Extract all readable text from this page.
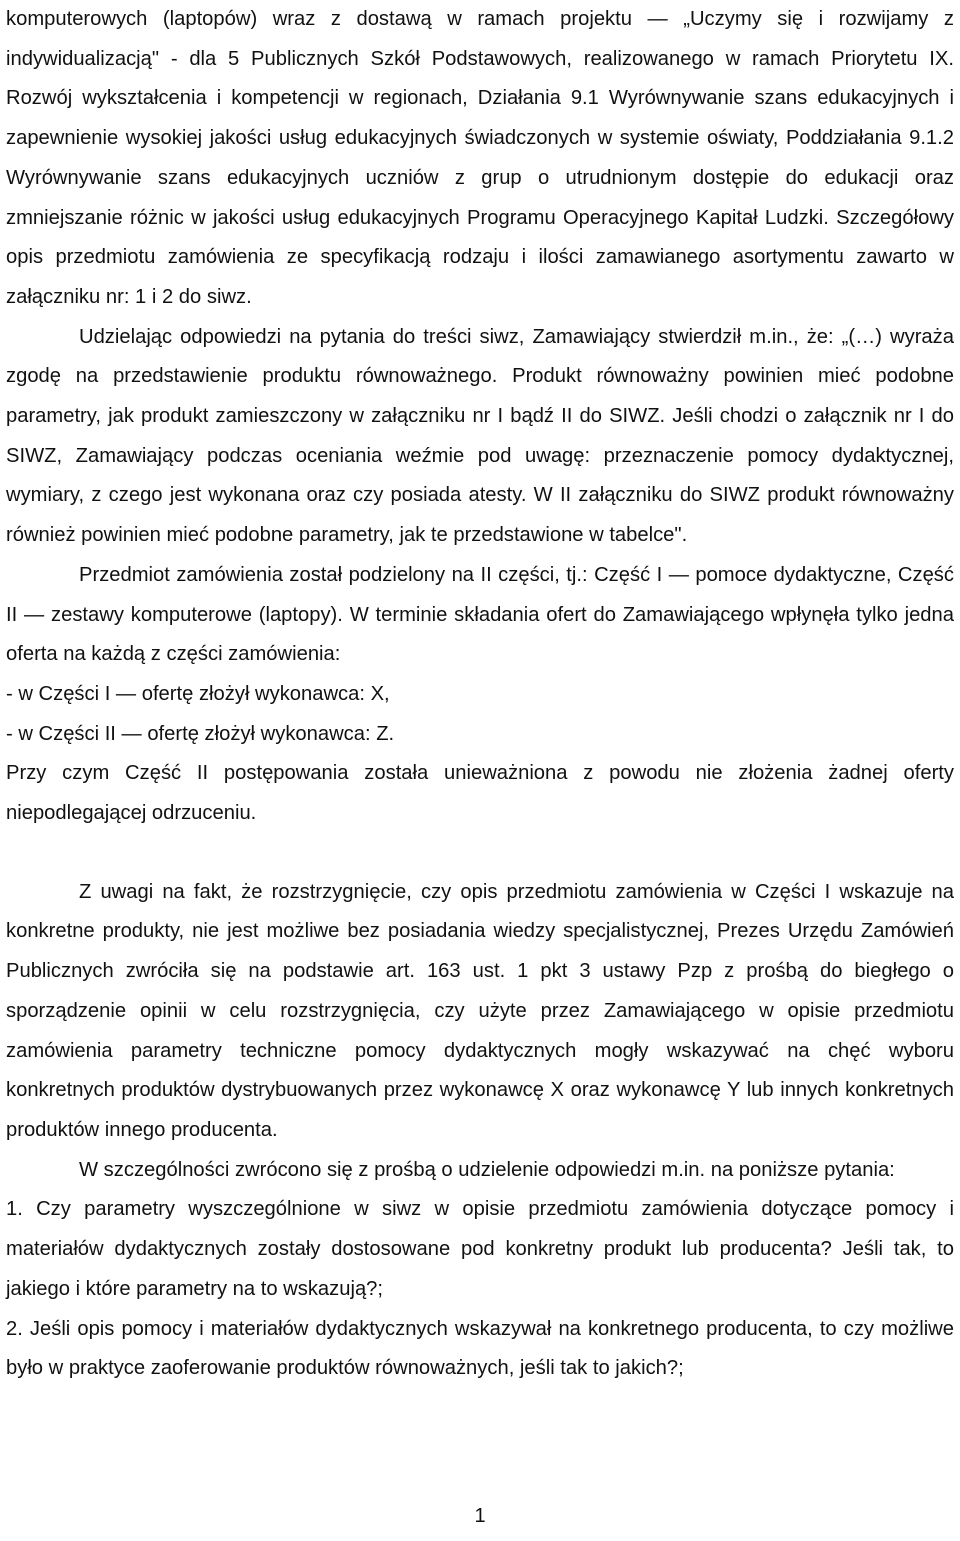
komputerowych (laptopów) wraz z dostawą w ramach projektu — „Uczymy się i rozwijamy z indywidualizacją" - dla 5 Publicznych Szkół Podstawowych, realizowanego w ramach Priorytetu IX. Rozwój wykształcenia i kompetencji w regionach, Działania 9.1 Wyrównywanie szans edukacyjnych i zapewnienie wysokiej jakości usług edukacyjnych świadczonych w systemie oświaty, Poddziałania 9.1.2 Wyrównywanie szans edukacyjnych uczniów z grup o utrudnionym dostępie do edukacji oraz zmniejszanie różnic w jakości usług edukacyjnych Programu Operacyjnego Kapitał Ludzki. Szczegółowy opis przedmiotu zamówienia ze specyfikacją rodzaju i ilości zamawianego asortymentu zawarto w załączniku nr: 1 i 2 do siwz.

Udzielając odpowiedzi na pytania do treści siwz, Zamawiający stwierdził m.in., że: „(…) wyraża zgodę na przedstawienie produktu równoważnego. Produkt równoważny powinien mieć podobne parametry, jak produkt zamieszczony w załączniku nr I bądź II do SIWZ. Jeśli chodzi o załącznik nr I do SIWZ, Zamawiający podczas oceniania weźmie pod uwagę: przeznaczenie pomocy dydaktycznej, wymiary, z czego jest wykonana oraz czy posiada atesty. W II załączniku do SIWZ produkt równoważny również powinien mieć podobne parametry, jak te przedstawione w tabelce".

Przedmiot zamówienia został podzielony na II części, tj.: Część I — pomoce dydaktyczne, Część II — zestawy komputerowe (laptopy). W terminie składania ofert do Zamawiającego wpłynęła tylko jedna oferta na każdą z części zamówienia:

- w Części I — ofertę złożył wykonawca: X,

- w Części II — ofertę złożył wykonawca: Z.

Przy czym Część II postępowania została unieważniona z powodu nie złożenia żadnej oferty niepodlegającej odrzuceniu.

Z uwagi na fakt, że rozstrzygnięcie, czy opis przedmiotu zamówienia w Części I wskazuje na konkretne produkty, nie jest możliwe bez posiadania wiedzy specjalistycznej, Prezes Urzędu Zamówień Publicznych zwróciła się na podstawie art. 163 ust. 1 pkt 3 ustawy Pzp z prośbą do biegłego o sporządzenie opinii w celu rozstrzygnięcia, czy użyte przez Zamawiającego w opisie przedmiotu zamówienia parametry techniczne pomocy dydaktycznych mogły wskazywać na chęć wyboru konkretnych produktów dystrybuowanych przez wykonawcę X oraz wykonawcę Y lub innych konkretnych produktów innego producenta.

W szczególności zwrócono się z prośbą o udzielenie odpowiedzi m.in. na poniższe pytania:

1. Czy parametry wyszczególnione w siwz w opisie przedmiotu zamówienia dotyczące pomocy i materiałów dydaktycznych zostały dostosowane pod konkretny produkt lub producenta? Jeśli tak, to jakiego i które parametry na to wskazują?;

2. Jeśli opis pomocy i materiałów dydaktycznych wskazywał na konkretnego producenta, to czy możliwe było w praktyce zaoferowanie produktów równoważnych, jeśli tak to jakich?;

1
